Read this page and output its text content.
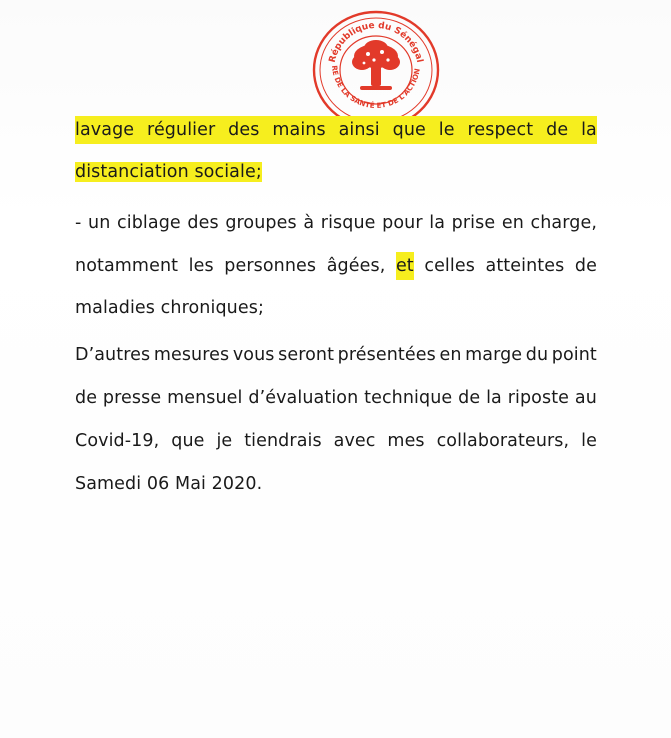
République du Sénégal
RE DE LA SANTÉ ET DE L'ACTION
lavage régulier des mains ainsi que le respect de la
distanciation sociale;
- un ciblage des groupes à risque pour la prise en charge,
notamment les personnes âgées, et celles atteintes de
maladies chroniques;
D’autres mesures vous seront présentées en marge du point
de presse mensuel d’évaluation technique de la riposte au
Covid-19, que je tiendrais avec mes collaborateurs, le
Samedi 06 Mai 2020.
